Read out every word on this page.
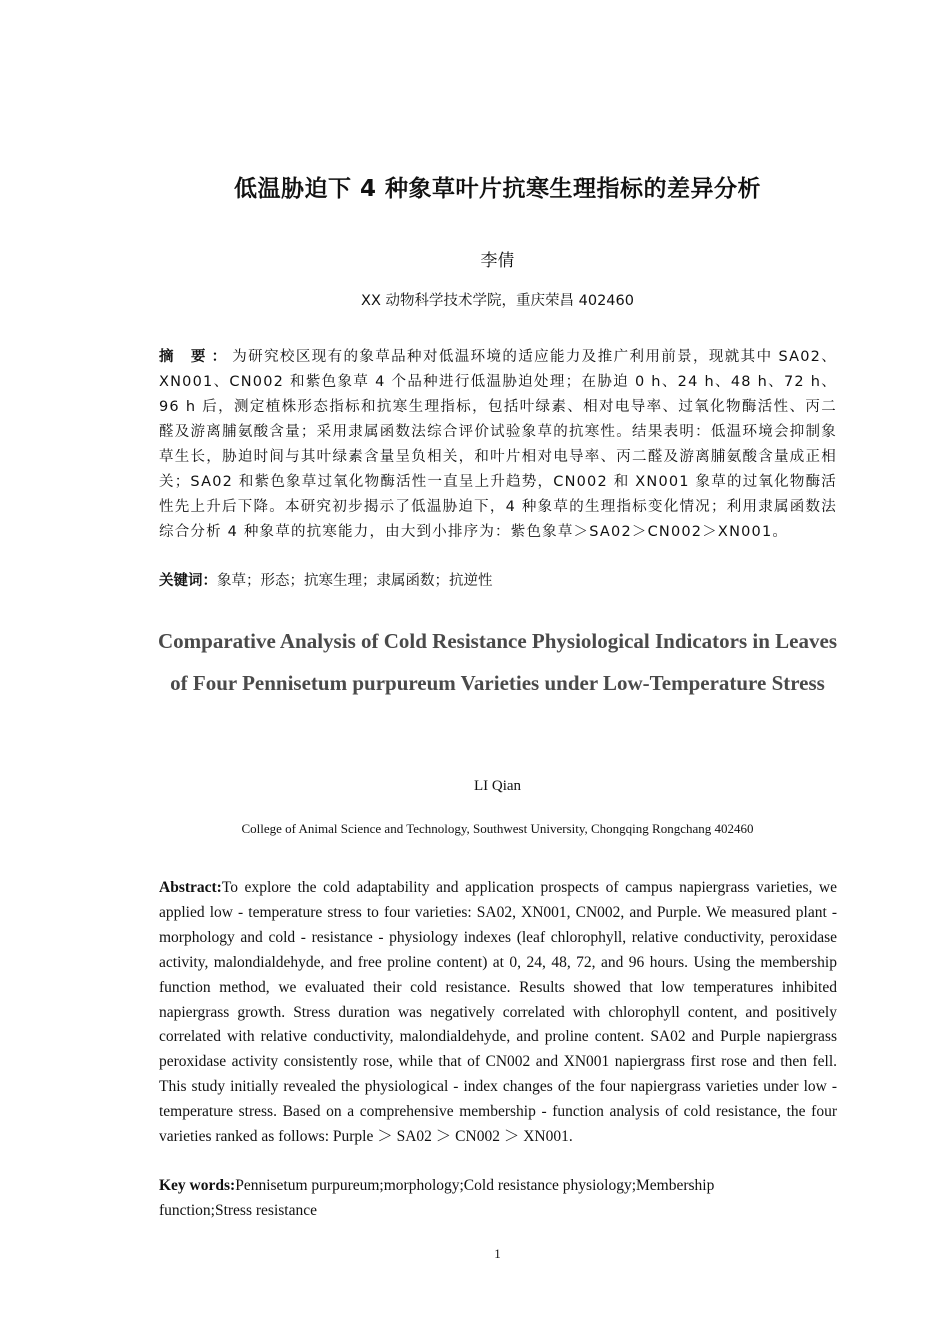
低温胁迫下 4 种象草叶片抗寒生理指标的差异分析
李倩
XX 动物科学技术学院，重庆荣昌 402460
摘 要：为研究校区现有的象草品种对低温环境的适应能力及推广利用前景，现就其中 SA02、XN001、CN002 和紫色象草 4 个品种进行低温胁迫处理；在胁迫 0 h、24 h、48 h、72 h、96 h 后，测定植株形态指标和抗寒生理指标，包括叶绿素、相对电导率、过氧化物酶活性、丙二醛及游离脯氨酸含量；采用隶属函数法综合评价试验象草的抗寒性。结果表明：低温环境会抑制象草生长，胁迫时间与其叶绿素含量呈负相关，和叶片相对电导率、丙二醛及游离脯氨酸含量成正相关；SA02 和紫色象草过氧化物酶活性一直呈上升趋势，CN002 和 XN001 象草的过氧化物酶活性先上升后下降。本研究初步揭示了低温胁迫下，4 种象草的生理指标变化情况；利用隶属函数法综合分析 4 种象草的抗寒能力，由大到小排序为：紫色象草＞SA02＞CN002＞XN001。
关键词：象草；形态；抗寒生理；隶属函数；抗逆性
Comparative Analysis of Cold Resistance Physiological Indicators in Leaves of Four Pennisetum purpureum Varieties under Low-Temperature Stress
LI Qian
College of Animal Science and Technology, Southwest University, Chongqing Rongchang 402460
Abstract:To explore the cold adaptability and application prospects of campus napiergrass varieties, we applied low - temperature stress to four varieties: SA02, XN001, CN002, and Purple. We measured plant - morphology and cold - resistance - physiology indexes (leaf chlorophyll, relative conductivity, peroxidase activity, malondialdehyde, and free proline content) at 0, 24, 48, 72, and 96 hours. Using the membership function method, we evaluated their cold resistance. Results showed that low temperatures inhibited napiergrass growth. Stress duration was negatively correlated with chlorophyll content, and positively correlated with relative conductivity, malondialdehyde, and proline content. SA02 and Purple napiergrass peroxidase activity consistently rose, while that of CN002 and XN001 napiergrass first rose and then fell. This study initially revealed the physiological - index changes of the four napiergrass varieties under low - temperature stress. Based on a comprehensive membership - function analysis of cold resistance, the four varieties ranked as follows: Purple ＞ SA02 ＞ CN002 ＞ XN001.
Key words:Pennisetum purpureum;morphology;Cold resistance physiology;Membership function;Stress resistance
1
